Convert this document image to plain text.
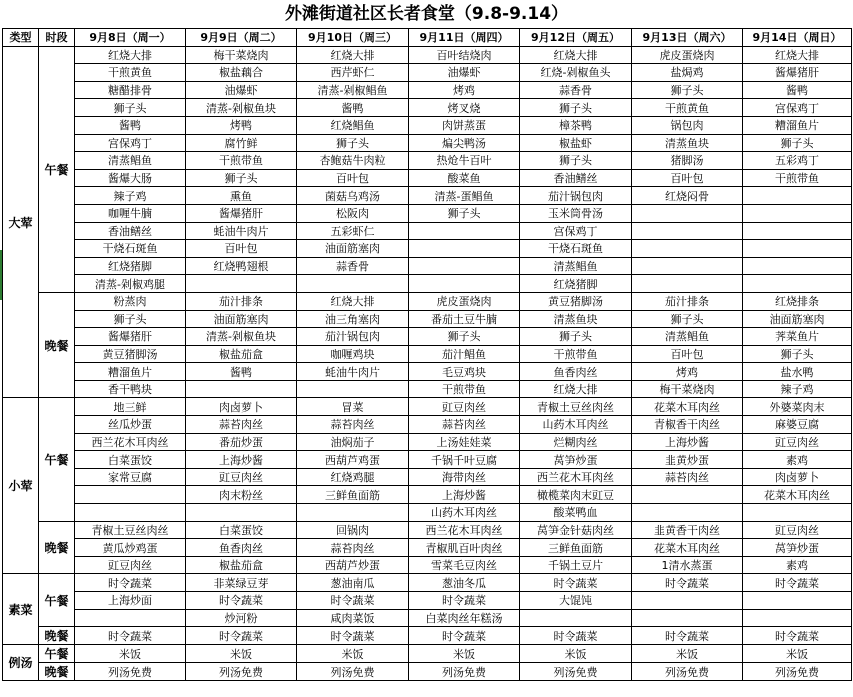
外滩街道社区长者食堂（9.8-9.14）
类型	时段	9月8日（周一）	9月9日（周二）	9月10日（周三）	9月11日（周四）	9月12日（周五）	9月13日（周六）	9月14日（周日）
大荤	午餐	红烧大排	梅干菜烧肉	红烧大排	百叶结烧肉	红烧大排	虎皮蛋烧肉	红烧大排
		干煎黄鱼	椒盐藕合	西芹虾仁	油爆虾	红烧-剁椒鱼头	盐焗鸡	酱爆猪肝
		糖醋排骨	油爆虾	清蒸-剁椒鲳鱼	烤鸡	蒜香骨	狮子头	酱鸭
		狮子头	清蒸-剁椒鱼块	酱鸭	烤叉烧	狮子头	干煎黄鱼	宫保鸡丁
		酱鸭	烤鸭	红烧鲳鱼	肉饼蒸蛋	樟茶鸭	锅包肉	糟溜鱼片
		宫保鸡丁	腐竹鲜	狮子头	煸尖鸭汤	椒盐虾	清蒸鱼块	狮子头
		清蒸鲳鱼	干煎带鱼	杏鲍菇牛肉粒	热炝牛百叶	狮子头	猪脚汤	五彩鸡丁
		酱爆大肠	狮子头	百叶包	酸菜鱼	香油鳝丝	百叶包	干煎带鱼
		辣子鸡	熏鱼	菌菇乌鸡汤	清蒸-蛋鲳鱼	茄汁锅包肉	红烧闷骨	
		咖喱牛腩	酱爆猪肝	松阪肉	狮子头	玉米筒骨汤		
		香油鳝丝	蚝油牛肉片	五彩虾仁		宫保鸡丁		
		干烧石斑鱼	百叶包	油面筋塞肉		干烧石斑鱼		
		红烧猪脚	红烧鸭翅根	蒜香骨		清蒸鲳鱼		
		清蒸-剁椒鸡腿				红烧猪脚		
	晚餐	粉蒸肉	茄汁排条	红烧大排	虎皮蛋烧肉	黄豆猪脚汤	茄汁排条	红烧排条
		狮子头	油面筋塞肉	油三角塞肉	番茄土豆牛腩	清蒸鱼块	狮子头	油面筋塞肉
		酱爆猪肝	清蒸-剁椒鱼块	茄汁锅包肉	狮子头	狮子头	清蒸鲳鱼	荠菜鱼片
		黄豆猪脚汤	椒盐茄盒	咖喱鸡块	茄汁鲳鱼	干煎带鱼	百叶包	狮子头
		糟溜鱼片	酱鸭	蚝油牛肉片	毛豆鸡块	鱼香肉丝	烤鸡	盐水鸭
		香干鸭块			干煎带鱼	红烧大排	梅干菜烧肉	辣子鸡
小荤	午餐	地三鲜	肉卤萝卜	冒菜	豇豆肉丝	青椒土豆丝肉丝	花菜木耳肉丝	外婆菜肉末
		丝瓜炒蛋	蒜苔肉丝	蒜苔肉丝	蒜苔肉丝	山药木耳肉丝	青椒香干肉丝	麻婆豆腐
		西兰花木耳肉丝	番茄炒蛋	油焖茄子	上汤娃娃菜	烂糊肉丝	上海炒酱	豇豆肉丝
		白菜蛋饺	上海炒酱	西葫芦鸡蛋	千锅千叶豆腐	莴笋炒蛋	韭黄炒蛋	素鸡
		家常豆腐	豇豆肉丝	红烧鸡腿	海带肉丝	西兰花木耳肉丝	蒜苔肉丝	肉卤萝卜
			肉末粉丝	三鲜鱼面筋	上海炒酱	橄榄菜肉末豇豆		花菜木耳肉丝
					山药木耳肉丝	酸菜鸭血		
	晚餐	青椒土豆丝肉丝	白菜蛋饺	回锅肉	西兰花木耳肉丝	莴笋金针菇肉丝	韭黄香干肉丝	豇豆肉丝
		黄瓜炒鸡蛋	鱼香肉丝	蒜苔肉丝	青椒肌百叶肉丝	三鲜鱼面筋	花菜木耳肉丝	莴笋炒蛋
		豇豆肉丝	椒盐茄盒	西葫芦炒蛋	雪菜毛豆肉丝	千锅土豆片	1清水蒸蛋	素鸡
素菜	午餐	时令蔬菜	非菜绿豆芽	葱油南瓜	葱油冬瓜	时令蔬菜	时令蔬菜	时令蔬菜
		上海炒面	时令蔬菜	时令蔬菜	时令蔬菜	大馄饨		
			炒河粉	咸肉菜饭	白菜肉丝年糕汤			
	晚餐	时令蔬菜	时令蔬菜	时令蔬菜	时令蔬菜	时令蔬菜	时令蔬菜	时令蔬菜
例汤	午餐	米饭	米饭	米饭	米饭	米饭	米饭	米饭
	晚餐	列汤免费	列汤免费	列汤免费	列汤免费	列汤免费	列汤免费	列汤免费
